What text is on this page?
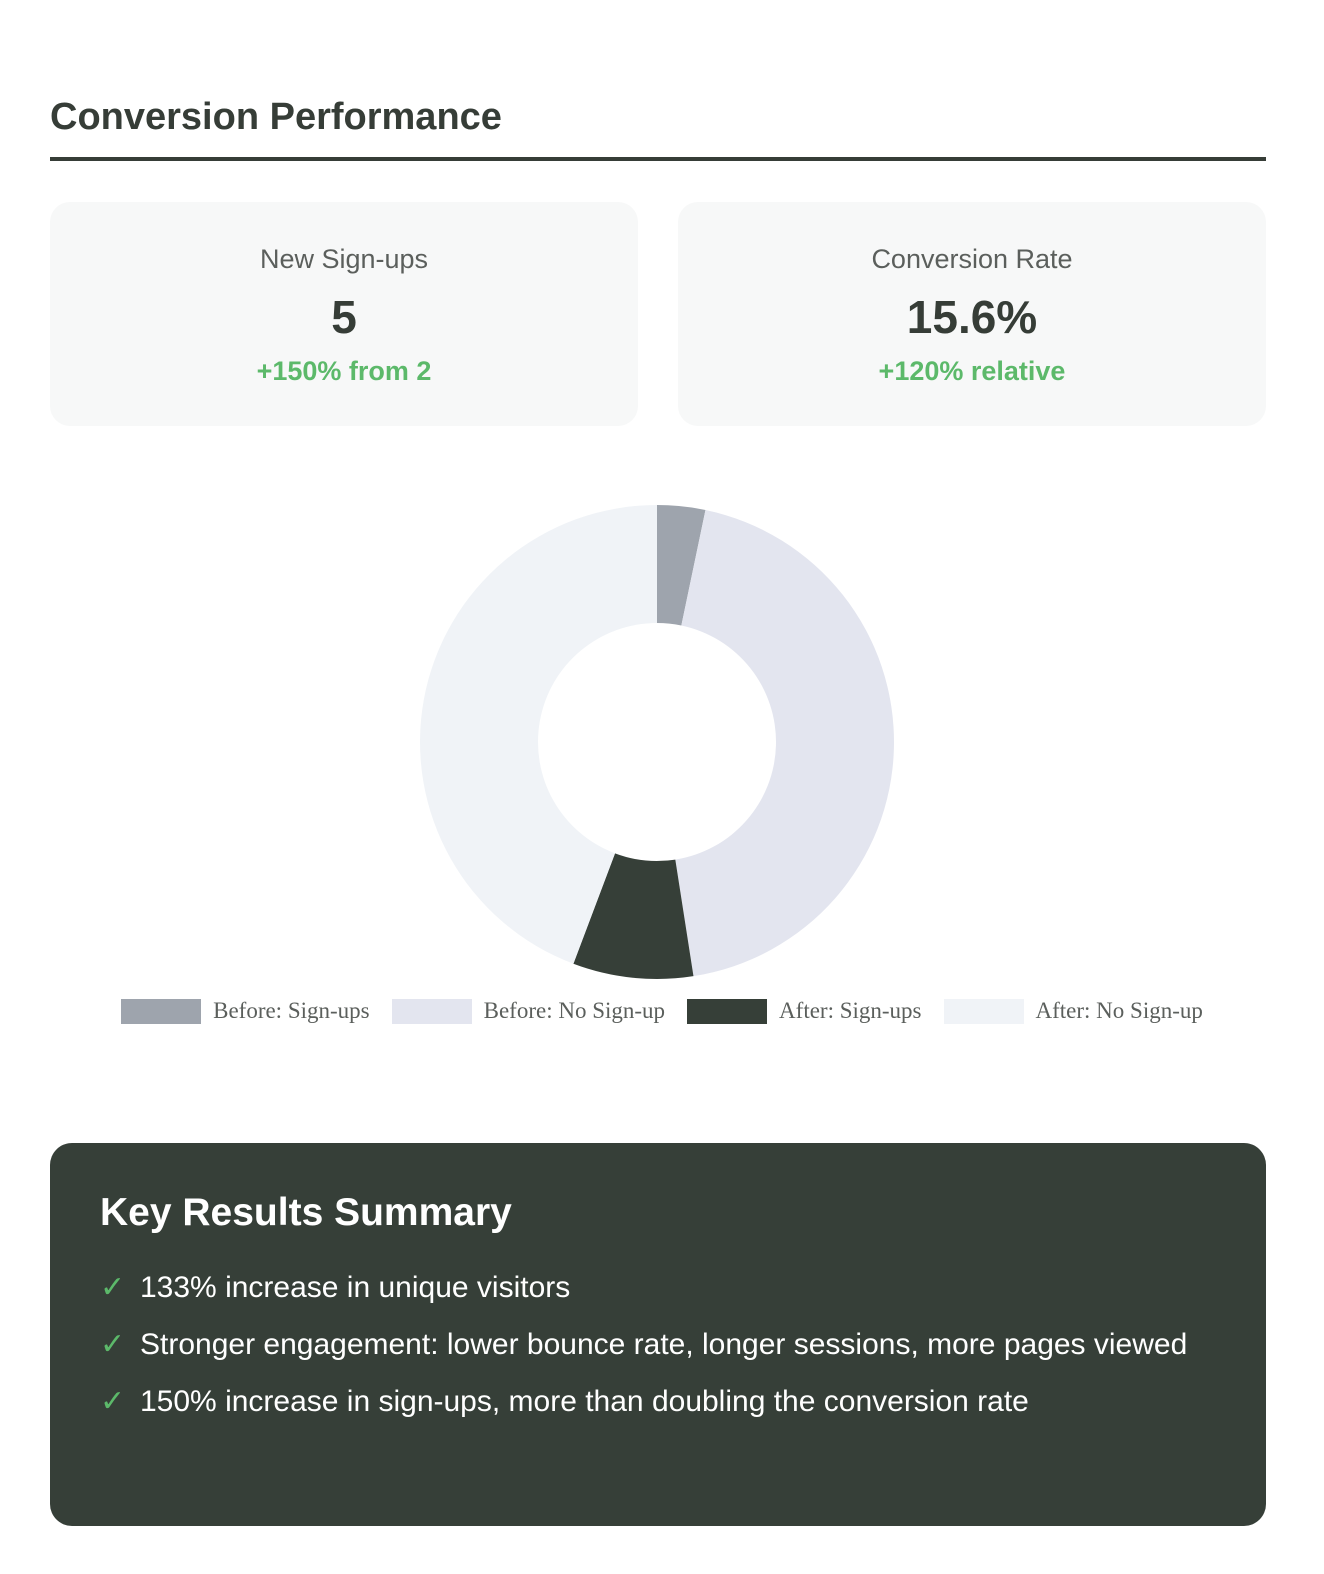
Conversion Performance
New Sign-ups
5
+150% from 2
Conversion Rate
15.6%
+120% relative
Before: Sign-ups	Before: No Sign-up	After: Sign-ups	After: No Sign-up
Key Results Summary
✓ 133% increase in unique visitors
✓ Stronger engagement: lower bounce rate, longer sessions, more pages viewed
✓ 150% increase in sign-ups, more than doubling the conversion rate
